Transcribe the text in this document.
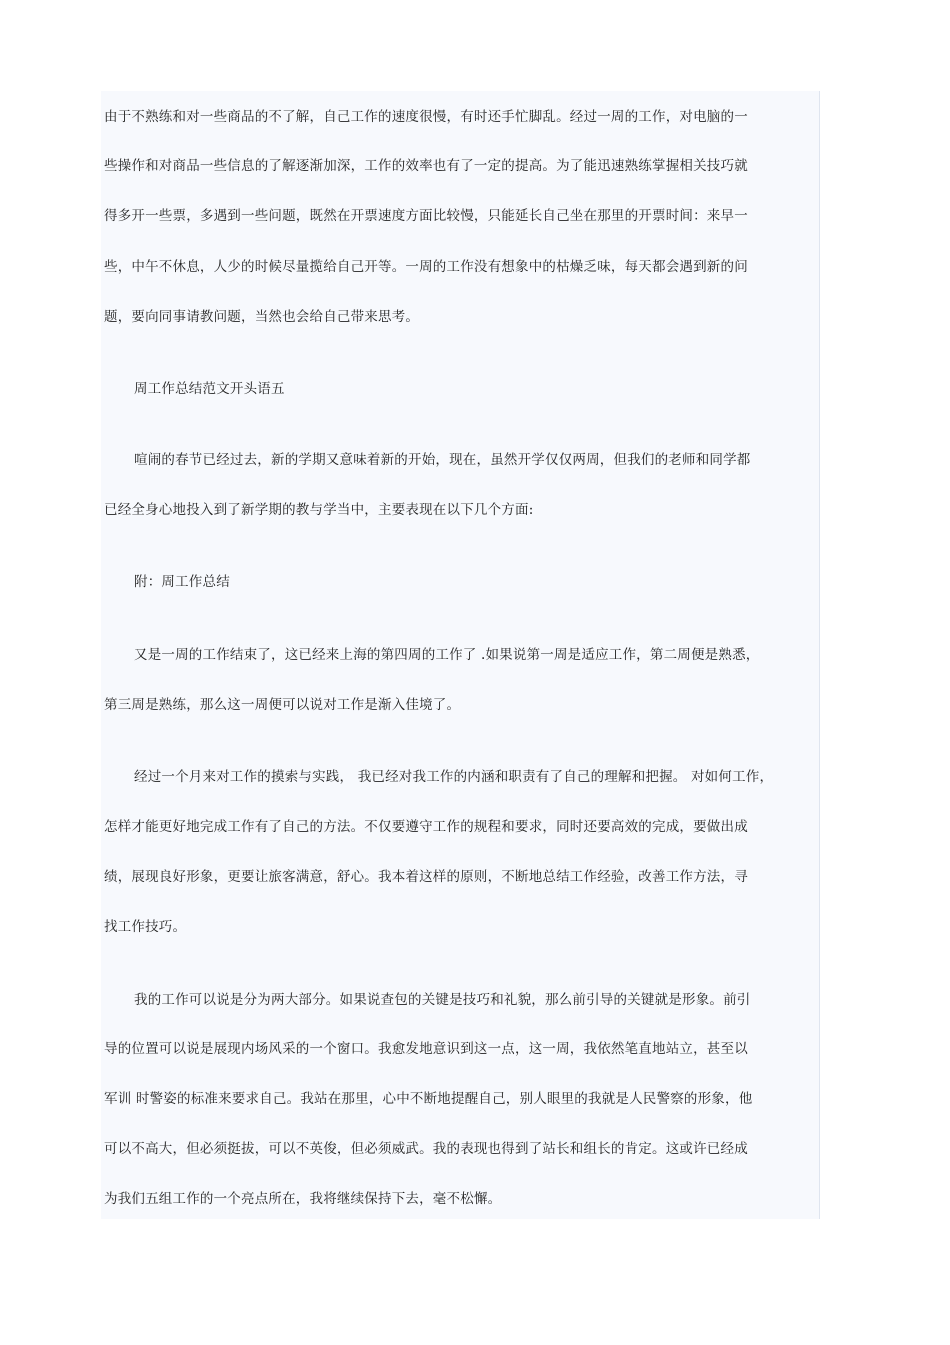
由于不熟练和对一些商品的不了解，自己工作的速度很慢，有时还手忙脚乱。经过一周的工作，对电脑的一
些操作和对商品一些信息的了解逐渐加深，工作的效率也有了一定的提高。为了能迅速熟练掌握相关技巧就
得多开一些票，多遇到一些问题，既然在开票速度方面比较慢，只能延长自己坐在那里的开票时间：来早一
些，中午不休息，人少的时候尽量揽给自己开等。一周的工作没有想象中的枯燥乏味，每天都会遇到新的问
题，要向同事请教问题，当然也会给自己带来思考。
周工作总结范文开头语五
喧闹的春节已经过去，新的学期又意味着新的开始，现在，虽然开学仅仅两周，但我们的老师和同学都
已经全身心地投入到了新学期的教与学当中，主要表现在以下几个方面:
附：周工作总结
又是一周的工作结束了，这已经来上海的第四周的工作了 .如果说第一周是适应工作，第二周便是熟悉，
第三周是熟练，那么这一周便可以说对工作是渐入佳境了。
经过一个月来对工作的摸索与实践， 我已经对我工作的内涵和职责有了自己的理解和把握。 对如何工作，
怎样才能更好地完成工作有了自己的方法。不仅要遵守工作的规程和要求，同时还要高效的完成，要做出成
绩，展现良好形象，更要让旅客满意，舒心。我本着这样的原则，不断地总结工作经验，改善工作方法，寻
找工作技巧。
我的工作可以说是分为两大部分。如果说查包的关键是技巧和礼貌，那么前引导的关键就是形象。前引
导的位置可以说是展现内场风采的一个窗口。我愈发地意识到这一点，这一周，我依然笔直地站立，甚至以
军训 时警姿的标准来要求自己。我站在那里，心中不断地提醒自己，别人眼里的我就是人民警察的形象，他
可以不高大，但必须挺拔，可以不英俊，但必须威武。我的表现也得到了站长和组长的肯定。这或许已经成
为我们五组工作的一个亮点所在，我将继续保持下去，毫不松懈。
